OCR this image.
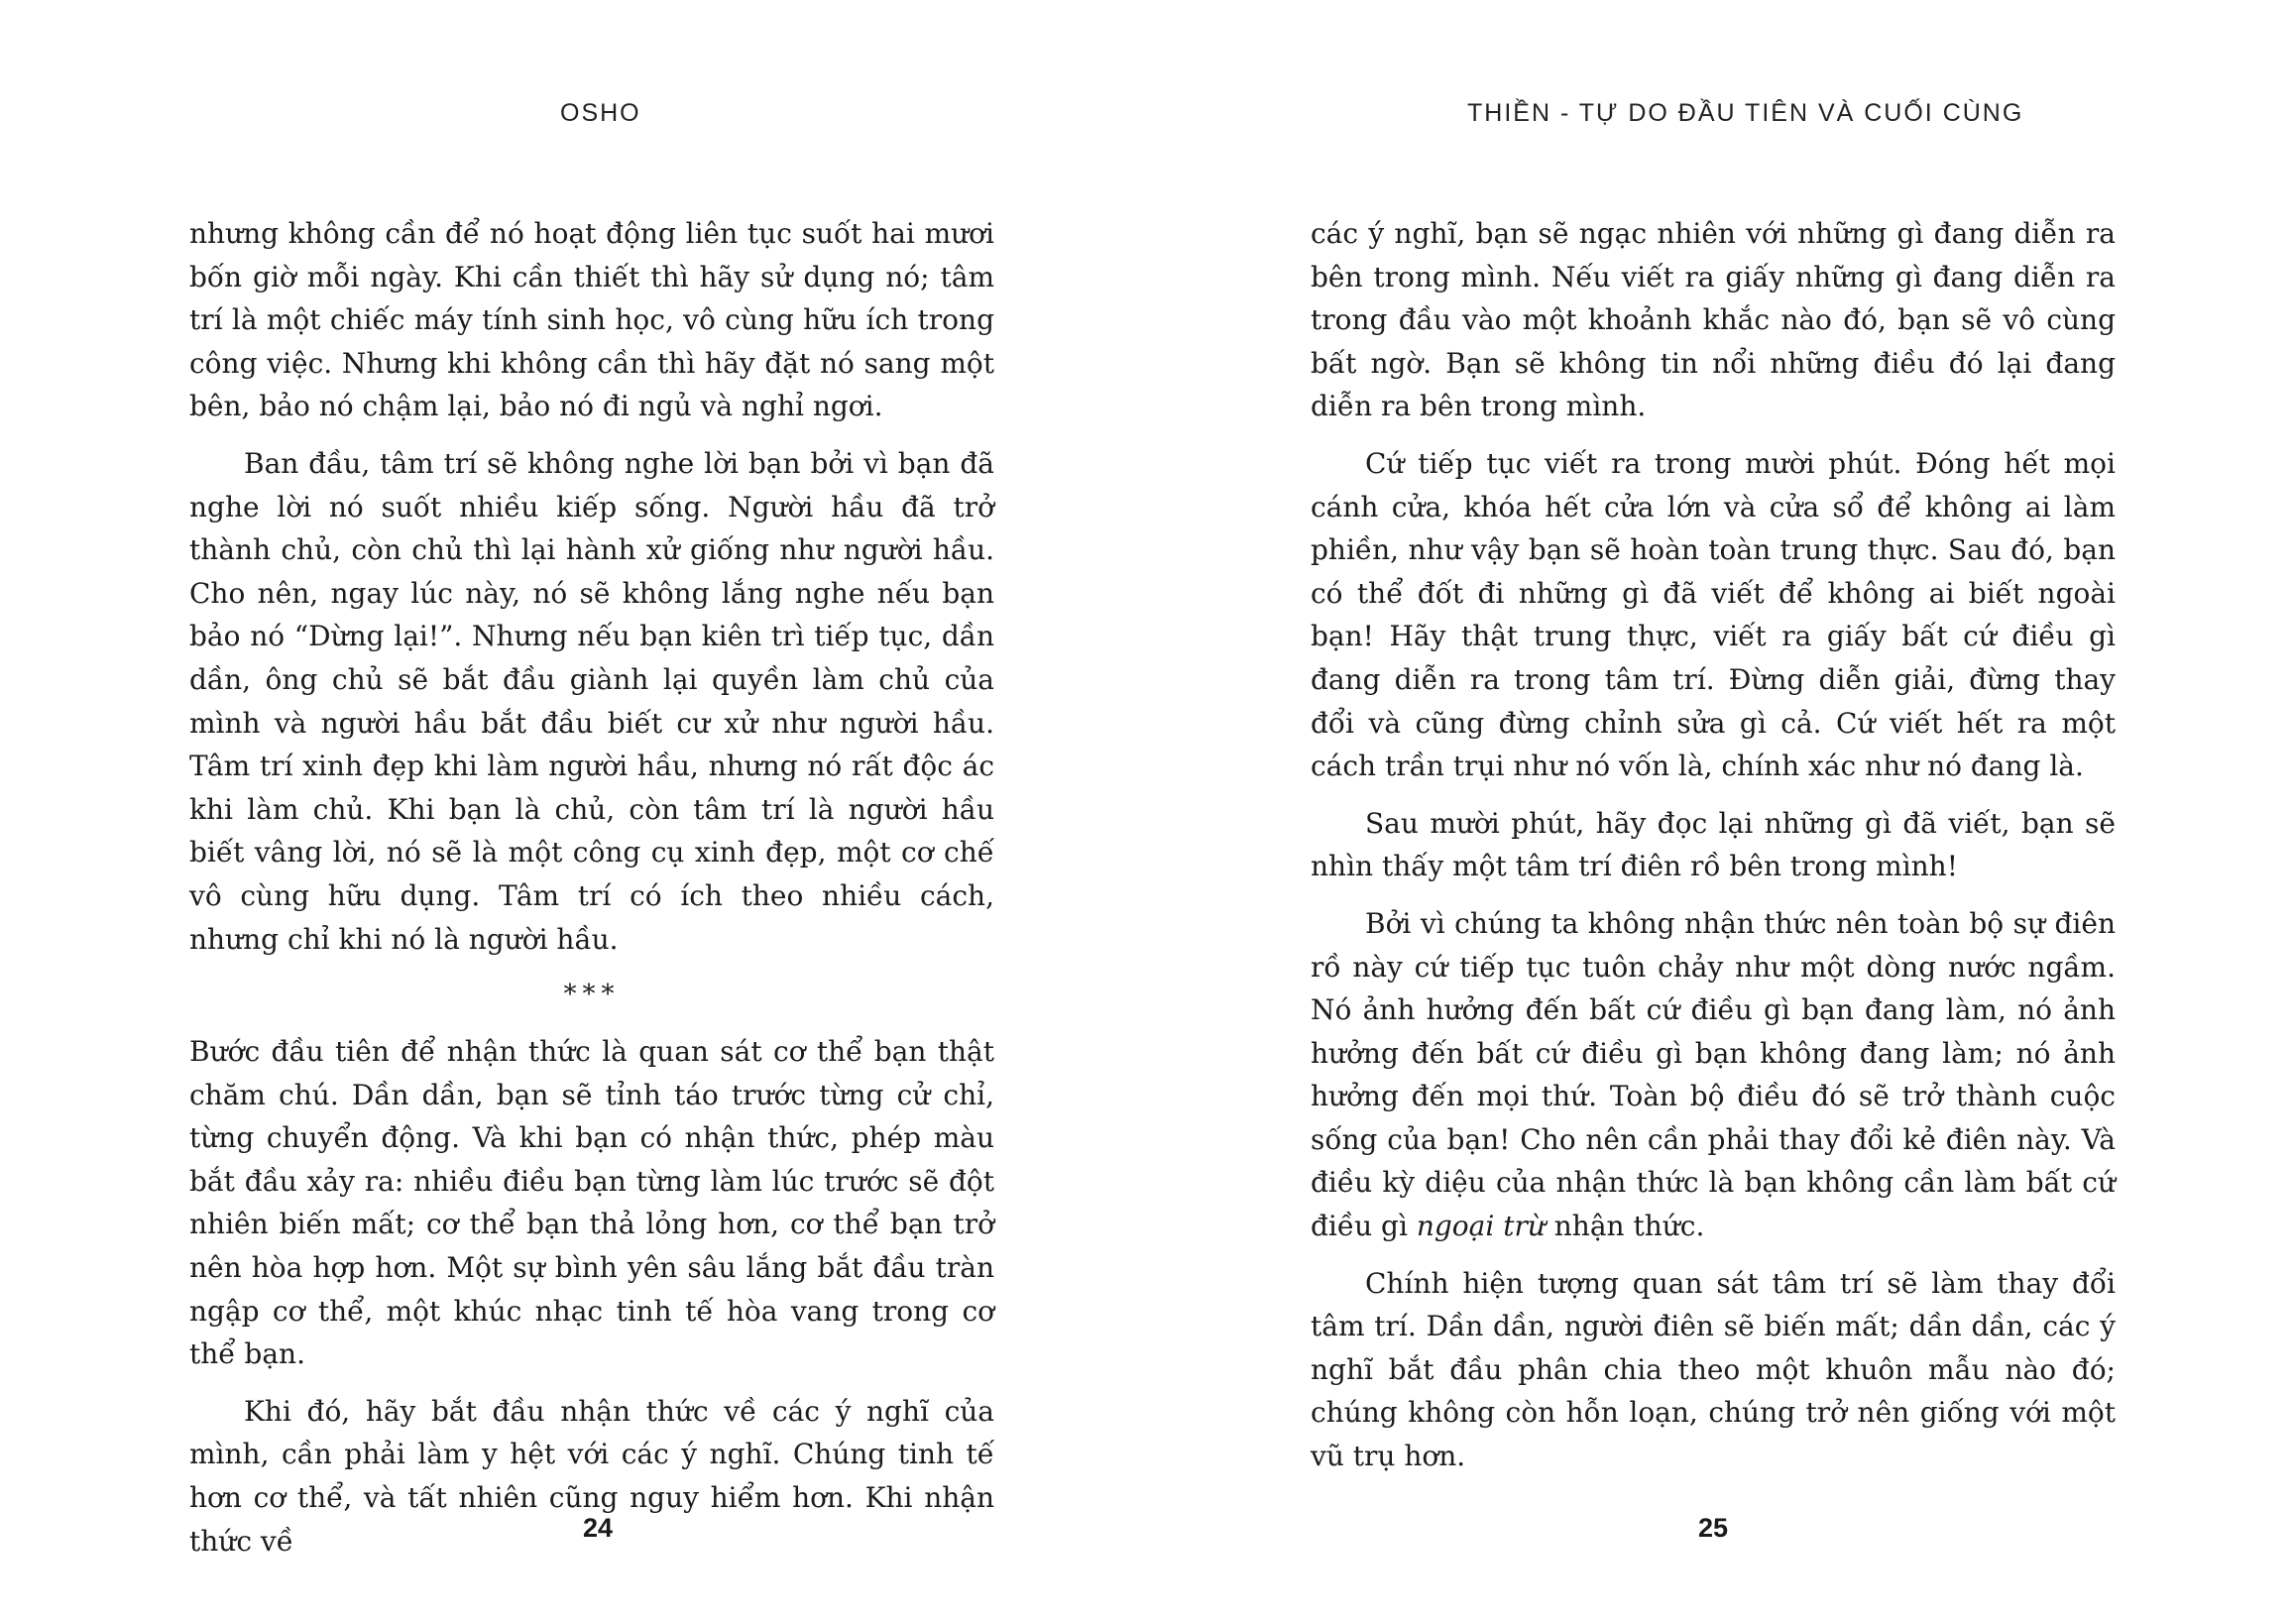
OSHO

nhưng không cần để nó hoạt động liên tục suốt hai mươi bốn giờ mỗi ngày. Khi cần thiết thì hãy sử dụng nó; tâm trí là một chiếc máy tính sinh học, vô cùng hữu ích trong công việc. Nhưng khi không cần thì hãy đặt nó sang một bên, bảo nó chậm lại, bảo nó đi ngủ và nghỉ ngơi.

Ban đầu, tâm trí sẽ không nghe lời bạn bởi vì bạn đã nghe lời nó suốt nhiều kiếp sống. Người hầu đã trở thành chủ, còn chủ thì lại hành xử giống như người hầu. Cho nên, ngay lúc này, nó sẽ không lắng nghe nếu bạn bảo nó “Dừng lại!”. Nhưng nếu bạn kiên trì tiếp tục, dần dần, ông chủ sẽ bắt đầu giành lại quyền làm chủ của mình và người hầu bắt đầu biết cư xử như người hầu. Tâm trí xinh đẹp khi làm người hầu, nhưng nó rất độc ác khi làm chủ. Khi bạn là chủ, còn tâm trí là người hầu biết vâng lời, nó sẽ là một công cụ xinh đẹp, một cơ chế vô cùng hữu dụng. Tâm trí có ích theo nhiều cách, nhưng chỉ khi nó là người hầu.

***

Bước đầu tiên để nhận thức là quan sát cơ thể bạn thật chăm chú. Dần dần, bạn sẽ tỉnh táo trước từng cử chỉ, từng chuyển động. Và khi bạn có nhận thức, phép màu bắt đầu xảy ra: nhiều điều bạn từng làm lúc trước sẽ đột nhiên biến mất; cơ thể bạn thả lỏng hơn, cơ thể bạn trở nên hòa hợp hơn. Một sự bình yên sâu lắng bắt đầu tràn ngập cơ thể, một khúc nhạc tinh tế hòa vang trong cơ thể bạn.

Khi đó, hãy bắt đầu nhận thức về các ý nghĩ của mình, cần phải làm y hệt với các ý nghĩ. Chúng tinh tế hơn cơ thể, và tất nhiên cũng nguy hiểm hơn. Khi nhận thức về	24
THIỀN - TỰ DO ĐẦU TIÊN VÀ CUỐI CÙNG

các ý nghĩ, bạn sẽ ngạc nhiên với những gì đang diễn ra bên trong mình. Nếu viết ra giấy những gì đang diễn ra trong đầu vào một khoảnh khắc nào đó, bạn sẽ vô cùng bất ngờ. Bạn sẽ không tin nổi những điều đó lại đang diễn ra bên trong mình.

Cứ tiếp tục viết ra trong mười phút. Đóng hết mọi cánh cửa, khóa hết cửa lớn và cửa sổ để không ai làm phiền, như vậy bạn sẽ hoàn toàn trung thực. Sau đó, bạn có thể đốt đi những gì đã viết để không ai biết ngoài bạn! Hãy thật trung thực, viết ra giấy bất cứ điều gì đang diễn ra trong tâm trí. Đừng diễn giải, đừng thay đổi và cũng đừng chỉnh sửa gì cả. Cứ viết hết ra một cách trần trụi như nó vốn là, chính xác như nó đang là.

Sau mười phút, hãy đọc lại những gì đã viết, bạn sẽ nhìn thấy một tâm trí điên rồ bên trong mình!

Bởi vì chúng ta không nhận thức nên toàn bộ sự điên rồ này cứ tiếp tục tuôn chảy như một dòng nước ngầm. Nó ảnh hưởng đến bất cứ điều gì bạn đang làm, nó ảnh hưởng đến bất cứ điều gì bạn không đang làm; nó ảnh hưởng đến mọi thứ. Toàn bộ điều đó sẽ trở thành cuộc sống của bạn! Cho nên cần phải thay đổi kẻ điên này. Và điều kỳ diệu của nhận thức là bạn không cần làm bất cứ điều gì ngoại trừ nhận thức.

Chính hiện tượng quan sát tâm trí sẽ làm thay đổi tâm trí. Dần dần, người điên sẽ biến mất; dần dần, các ý nghĩ bắt đầu phân chia theo một khuôn mẫu nào đó; chúng không còn hỗn loạn, chúng trở nên giống với một vũ trụ hơn.

25
